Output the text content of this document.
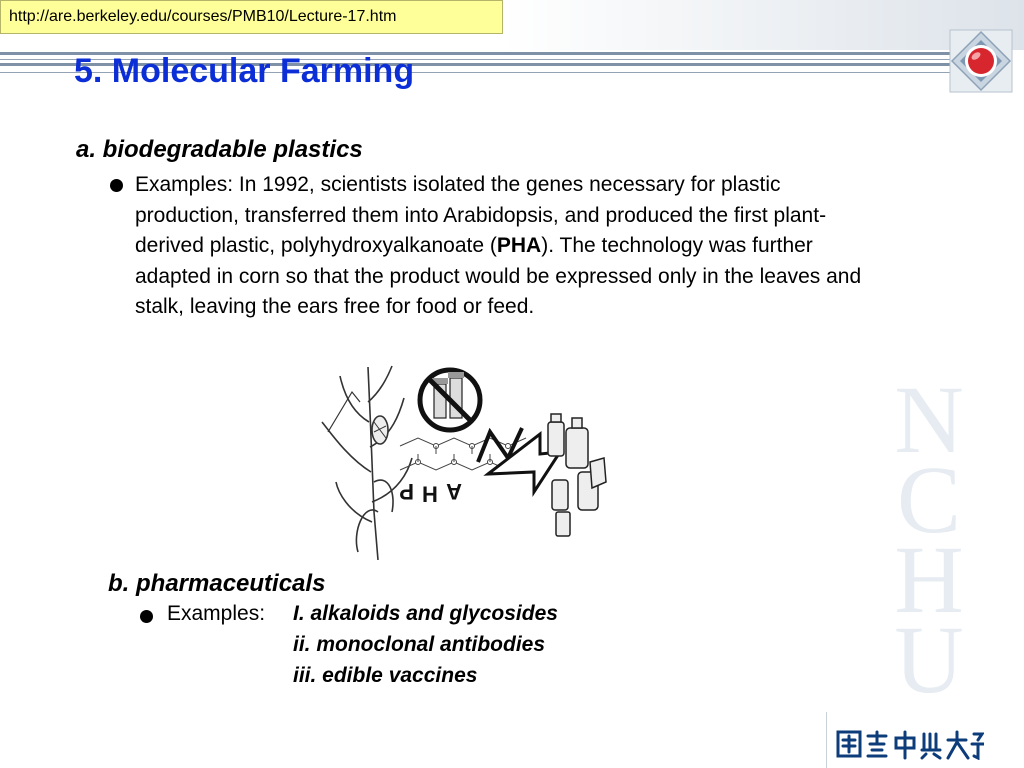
http://are.berkeley.edu/courses/PMB10/Lecture-17.htm
N
C
H
U
5. Molecular Farming
a. biodegradable plastics
Examples: In 1992, scientists isolated the genes necessary for plastic production, transferred them into Arabidopsis, and produced the first plant-derived plastic, polyhydroxyalkanoate (PHA). The technology was further adapted in corn so that the product would be expressed only in the leaves and stalk, leaving the ears free for food or feed.
P H A
b. pharmaceuticals
Examples: I. alkaloids and glycosides
ii. monoclonal antibodies
iii. edible vaccines
